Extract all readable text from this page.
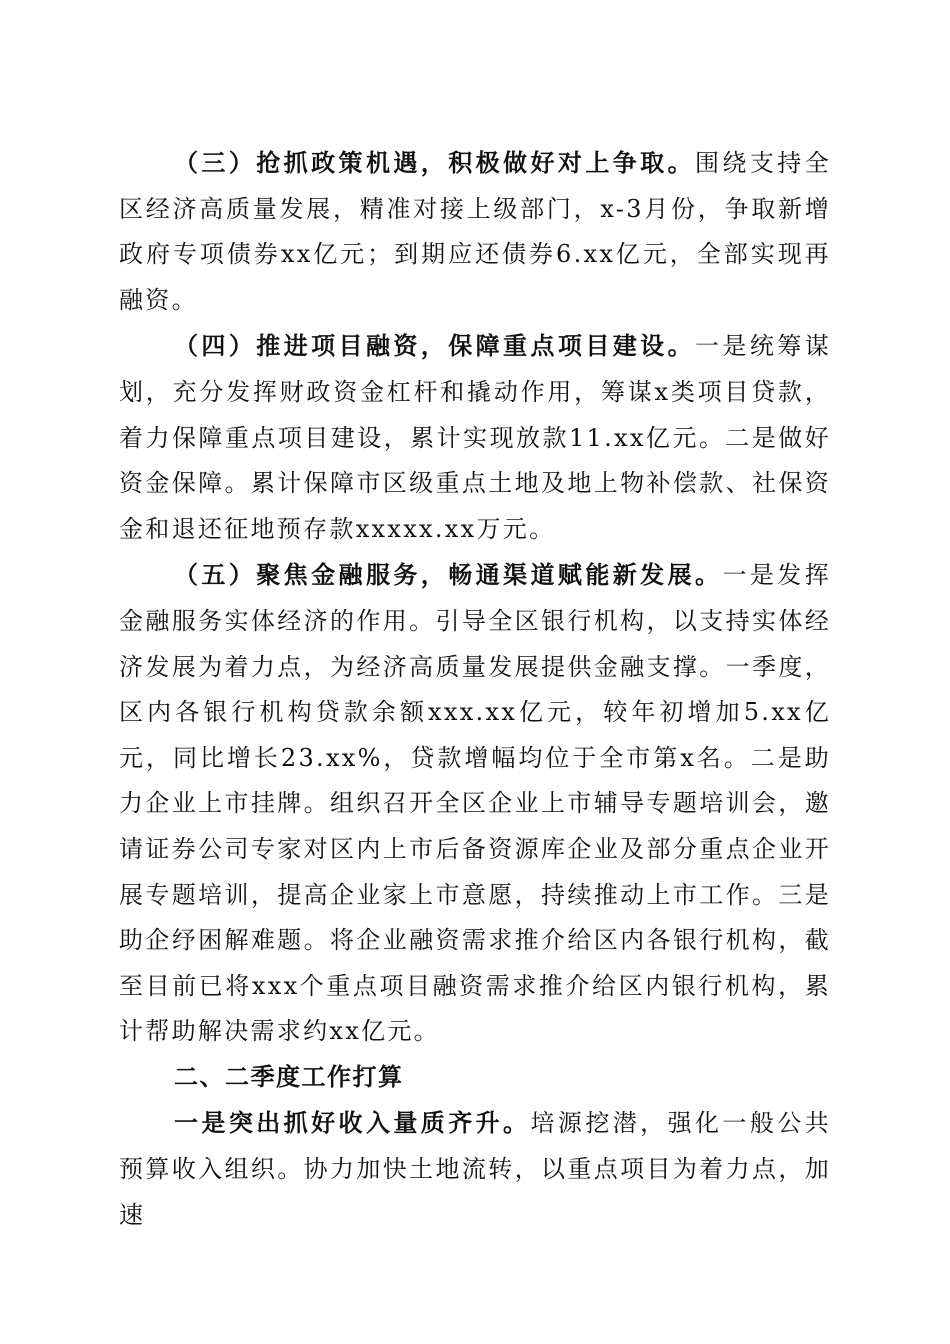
（三）抢抓政策机遇，积极做好对上争取。围绕支持全区经济高质量发展，精准对接上级部门，x-3月份，争取新增政府专项债券xx亿元；到期应还债券6.xx亿元，全部实现再融资。

（四）推进项目融资，保障重点项目建设。一是统筹谋划，充分发挥财政资金杠杆和撬动作用，筹谋x类项目贷款，着力保障重点项目建设，累计实现放款11.xx亿元。二是做好资金保障。累计保障市区级重点土地及地上物补偿款、社保资金和退还征地预存款xxxxx.xx万元。

（五）聚焦金融服务，畅通渠道赋能新发展。一是发挥金融服务实体经济的作用。引导全区银行机构，以支持实体经济发展为着力点，为经济高质量发展提供金融支撑。一季度，区内各银行机构贷款余额xxx.xx亿元，较年初增加5.xx亿元，同比增长23.xx%，贷款增幅均位于全市第x名。二是助力企业上市挂牌。组织召开全区企业上市辅导专题培训会，邀请证券公司专家对区内上市后备资源库企业及部分重点企业开展专题培训，提高企业家上市意愿，持续推动上市工作。三是助企纾困解难题。将企业融资需求推介给区内各银行机构，截至目前已将xxx个重点项目融资需求推介给区内银行机构，累计帮助解决需求约xx亿元。

二、二季度工作打算

一是突出抓好收入量质齐升。培源挖潜，强化一般公共预算收入组织。协力加快土地流转，以重点项目为着力点，加速
